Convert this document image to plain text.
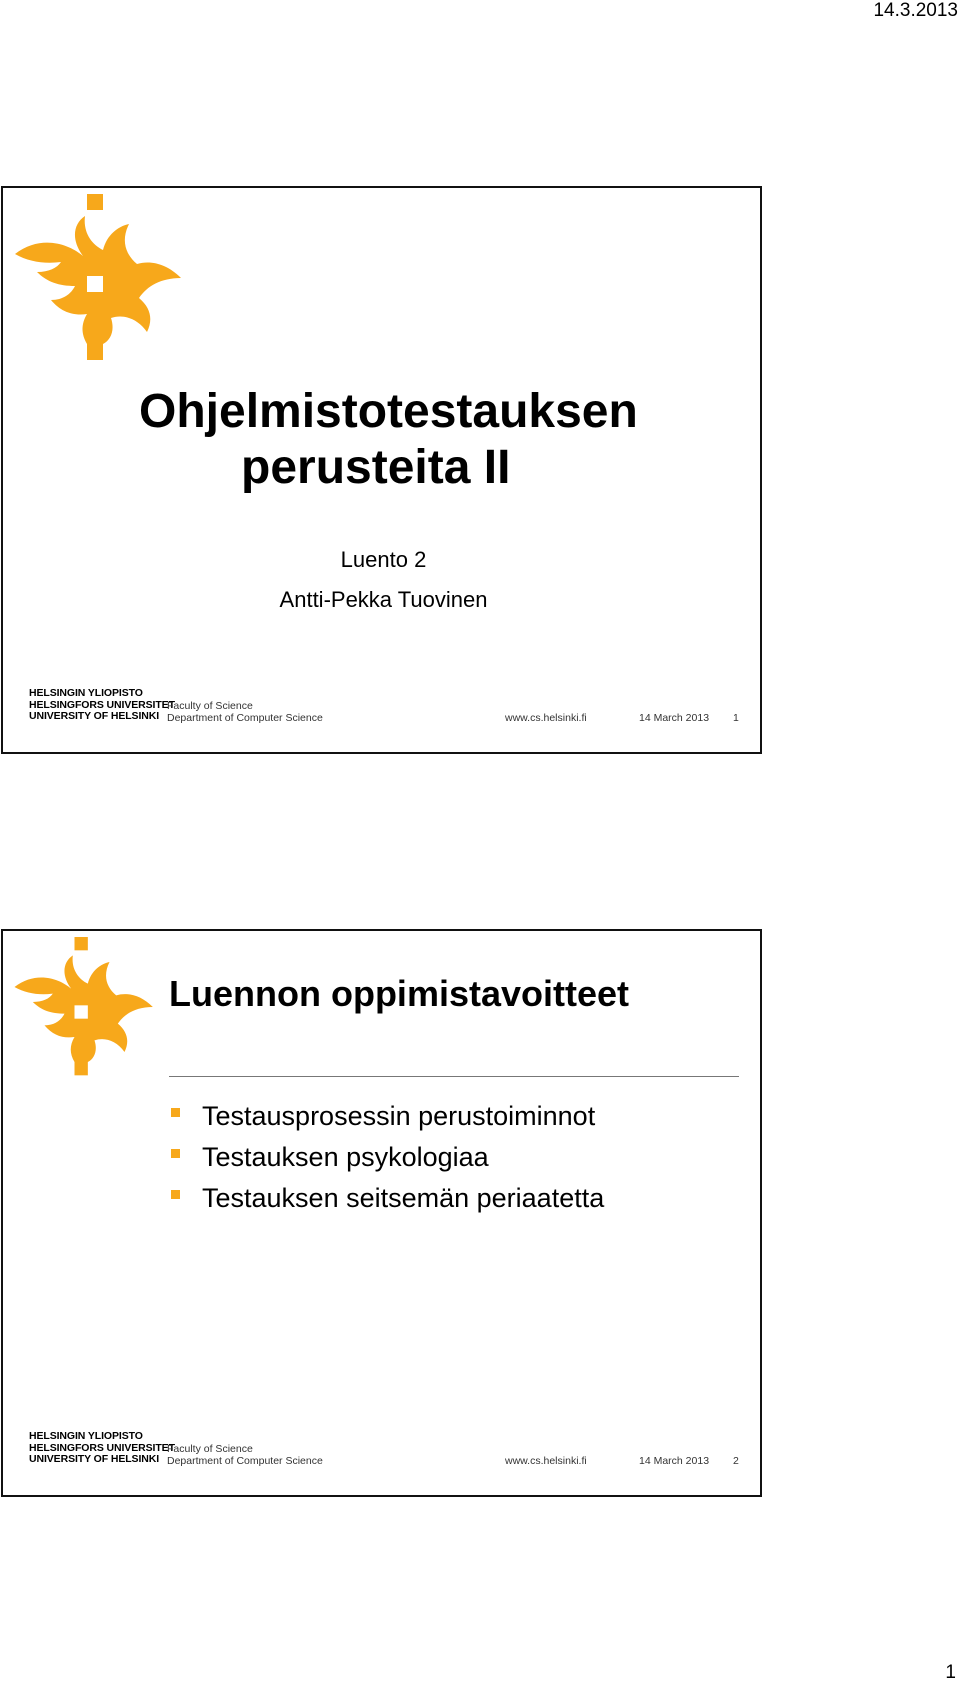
14.3.2013
Ohjelmistotestauksen
perusteita II
Luento 2
Antti-Pekka Tuovinen
HELSINGIN YLIOPISTO
HELSINGFORS UNIVERSITET
UNIVERSITY OF HELSINKI
Faculty of Science
Department of Computer Science	www.cs.helsinki.fi	14 March 2013 1
Luennon oppimistavoitteet
Testausprosessin perustoiminnot
Testauksen psykologiaa
Testauksen seitsemän periaatetta
HELSINGIN YLIOPISTO
HELSINGFORS UNIVERSITET
UNIVERSITY OF HELSINKI
Faculty of Science
Department of Computer Science	www.cs.helsinki.fi	14 March 2013 2
1
